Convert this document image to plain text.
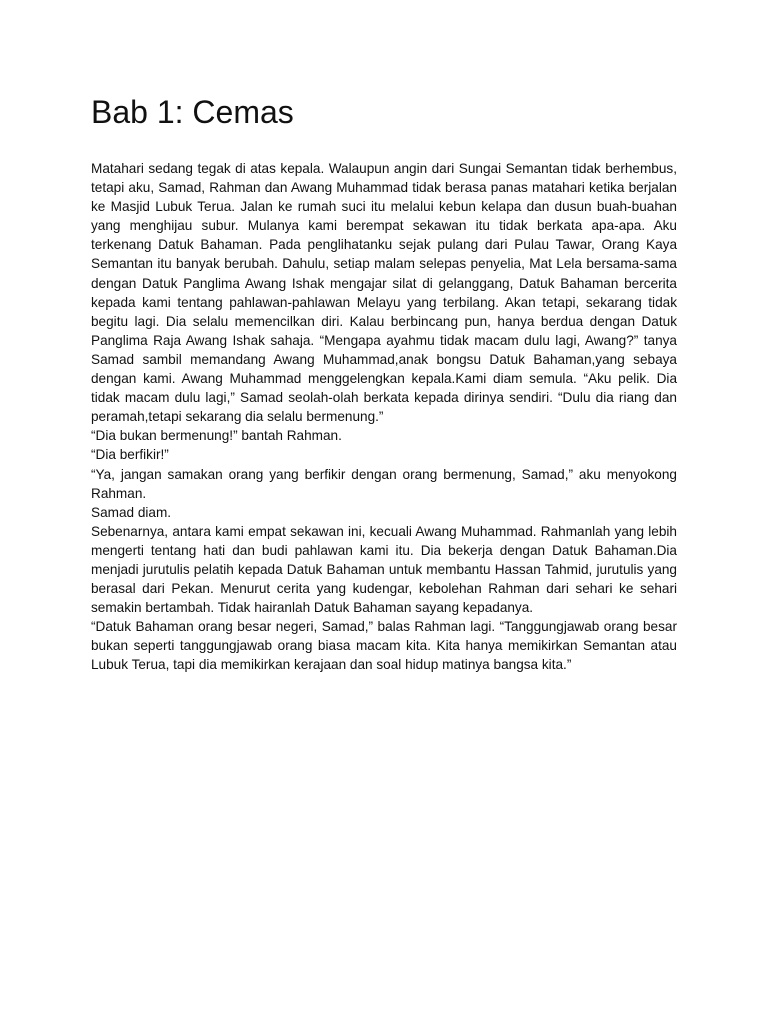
Bab 1: Cemas

Matahari sedang tegak di atas kepala. Walaupun angin dari Sungai Semantan tidak berhembus, tetapi aku, Samad, Rahman dan Awang Muhammad tidak berasa panas matahari ketika berjalan ke Masjid Lubuk Terua. Jalan ke rumah suci itu melalui kebun kelapa dan dusun buah-buahan yang menghijau subur. Mulanya kami berempat sekawan itu tidak berkata apa-apa. Aku terkenang Datuk Bahaman. Pada penglihatanku sejak pulang dari Pulau Tawar, Orang Kaya Semantan itu banyak berubah. Dahulu, setiap malam selepas penyelia, Mat Lela bersama-sama dengan Datuk Panglima Awang Ishak mengajar silat di gelanggang, Datuk Bahaman bercerita kepada kami tentang pahlawan-pahlawan Melayu yang terbilang. Akan tetapi, sekarang tidak begitu lagi. Dia selalu memencilkan diri. Kalau berbincang pun, hanya berdua dengan Datuk Panglima Raja Awang Ishak sahaja. “Mengapa ayahmu tidak macam dulu lagi, Awang?” tanya Samad sambil memandang Awang Muhammad,anak bongsu Datuk Bahaman,yang sebaya dengan kami. Awang Muhammad menggelengkan kepala.Kami diam semula. “Aku pelik. Dia tidak macam dulu lagi,” Samad seolah-olah berkata kepada dirinya sendiri. “Dulu dia riang dan peramah,tetapi sekarang dia selalu bermenung.”

“Dia bukan bermenung!” bantah Rahman.

“Dia berfikir!”

“Ya, jangan samakan orang yang berfikir dengan orang bermenung, Samad,” aku menyokong Rahman.

Samad diam.

Sebenarnya, antara kami empat sekawan ini, kecuali Awang Muhammad. Rahmanlah yang lebih mengerti tentang hati dan budi pahlawan kami itu. Dia bekerja dengan Datuk Bahaman.Dia menjadi jurutulis pelatih kepada Datuk Bahaman untuk membantu Hassan Tahmid, jurutulis yang berasal dari Pekan. Menurut cerita yang kudengar, kebolehan Rahman dari sehari ke sehari semakin bertambah. Tidak hairanlah Datuk Bahaman sayang kepadanya.

“Datuk Bahaman orang besar negeri, Samad,” balas Rahman lagi. “Tanggungjawab orang besar bukan seperti tanggungjawab orang biasa macam kita. Kita hanya memikirkan Semantan atau Lubuk Terua, tapi dia memikirkan kerajaan dan soal hidup matinya bangsa kita.”
